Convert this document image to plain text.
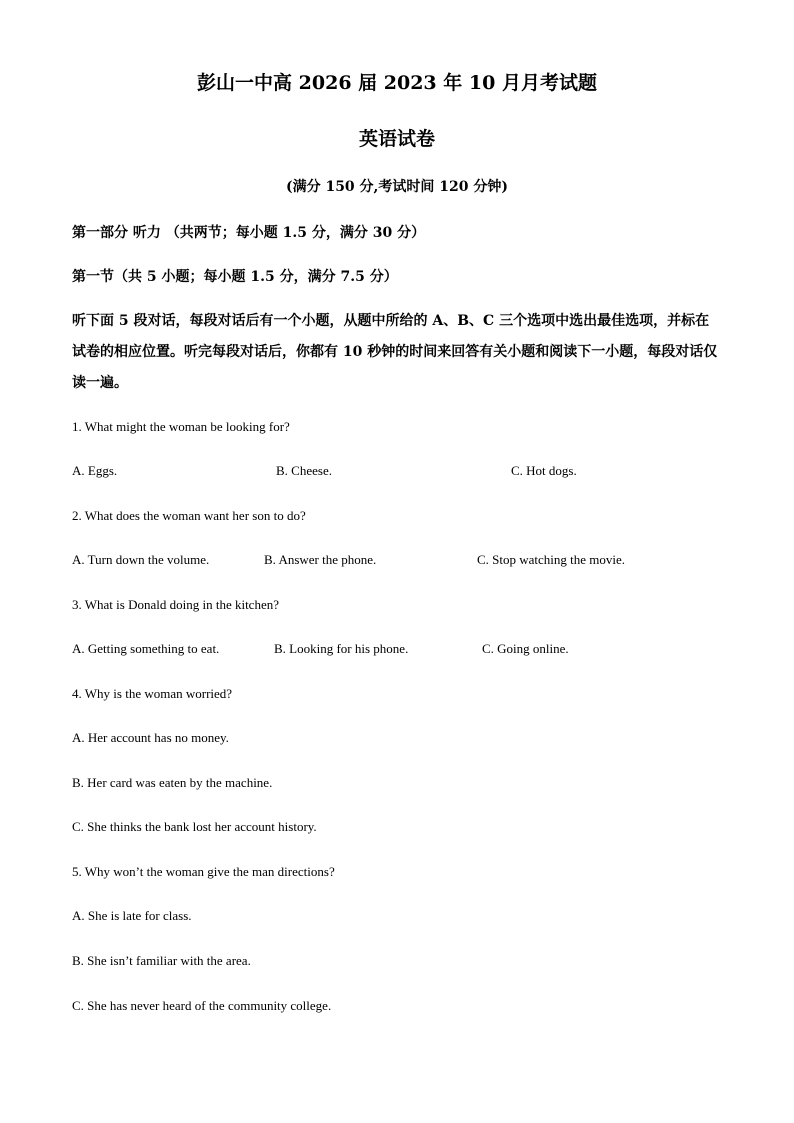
彭山一中高 2026 届 2023 年 10 月月考试题
英语试卷
(满分 150 分,考试时间 120 分钟)
第一部分 听力 （共两节；每小题 1.5 分，满分 30 分）
第一节（共 5 小题；每小题 1.5 分，满分 7.5 分）
听下面 5 段对话，每段对话后有一个小题，从题中所给的 A、B、C 三个选项中选出最佳选项，并标在试卷的相应位置。听完每段对话后，你都有 10 秒钟的时间来回答有关小题和阅读下一小题，每段对话仅读一遍。
1. What might the woman be looking for?
A. Eggs.	B. Cheese.	C. Hot dogs.
2. What does the woman want her son to do?
A. Turn down the volume.	B. Answer the phone.	C. Stop watching the movie.
3. What is Donald doing in the kitchen?
A. Getting something to eat.	B. Looking for his phone.	C. Going online.
4. Why is the woman worried?
A. Her account has no money.
B. Her card was eaten by the machine.
C. She thinks the bank lost her account history.
5. Why won’t the woman give the man directions?
A. She is late for class.
B. She isn’t familiar with the area.
C. She has never heard of the community college.
